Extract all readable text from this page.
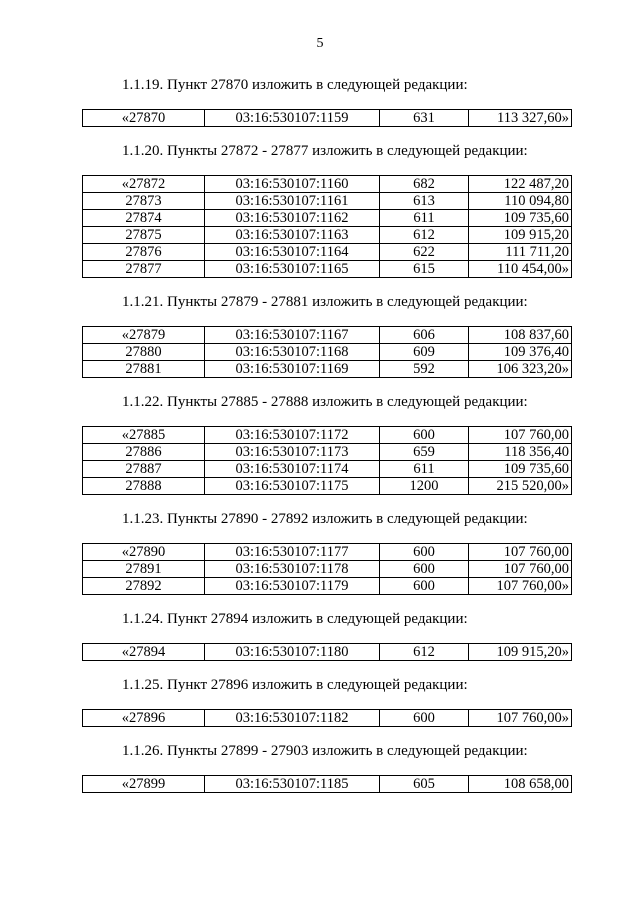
5
1.1.19. Пункт 27870 изложить в следующей редакции:
«27870	03:16:530107:1159	631	113 327,60»
1.1.20. Пункты 27872 - 27877 изложить в следующей редакции:
«27872	03:16:530107:1160	682	122 487,20
27873	03:16:530107:1161	613	110 094,80
27874	03:16:530107:1162	611	109 735,60
27875	03:16:530107:1163	612	109 915,20
27876	03:16:530107:1164	622	111 711,20
27877	03:16:530107:1165	615	110 454,00»
1.1.21. Пункты 27879 - 27881 изложить в следующей редакции:
«27879	03:16:530107:1167	606	108 837,60
27880	03:16:530107:1168	609	109 376,40
27881	03:16:530107:1169	592	106 323,20»
1.1.22. Пункты 27885 - 27888 изложить в следующей редакции:
«27885	03:16:530107:1172	600	107 760,00
27886	03:16:530107:1173	659	118 356,40
27887	03:16:530107:1174	611	109 735,60
27888	03:16:530107:1175	1200	215 520,00»
1.1.23. Пункты 27890 - 27892 изложить в следующей редакции:
«27890	03:16:530107:1177	600	107 760,00
27891	03:16:530107:1178	600	107 760,00
27892	03:16:530107:1179	600	107 760,00»
1.1.24. Пункт 27894 изложить в следующей редакции:
«27894	03:16:530107:1180	612	109 915,20»
1.1.25. Пункт 27896 изложить в следующей редакции:
«27896	03:16:530107:1182	600	107 760,00»
1.1.26. Пункты 27899 - 27903 изложить в следующей редакции:
«27899	03:16:530107:1185	605	108 658,00
